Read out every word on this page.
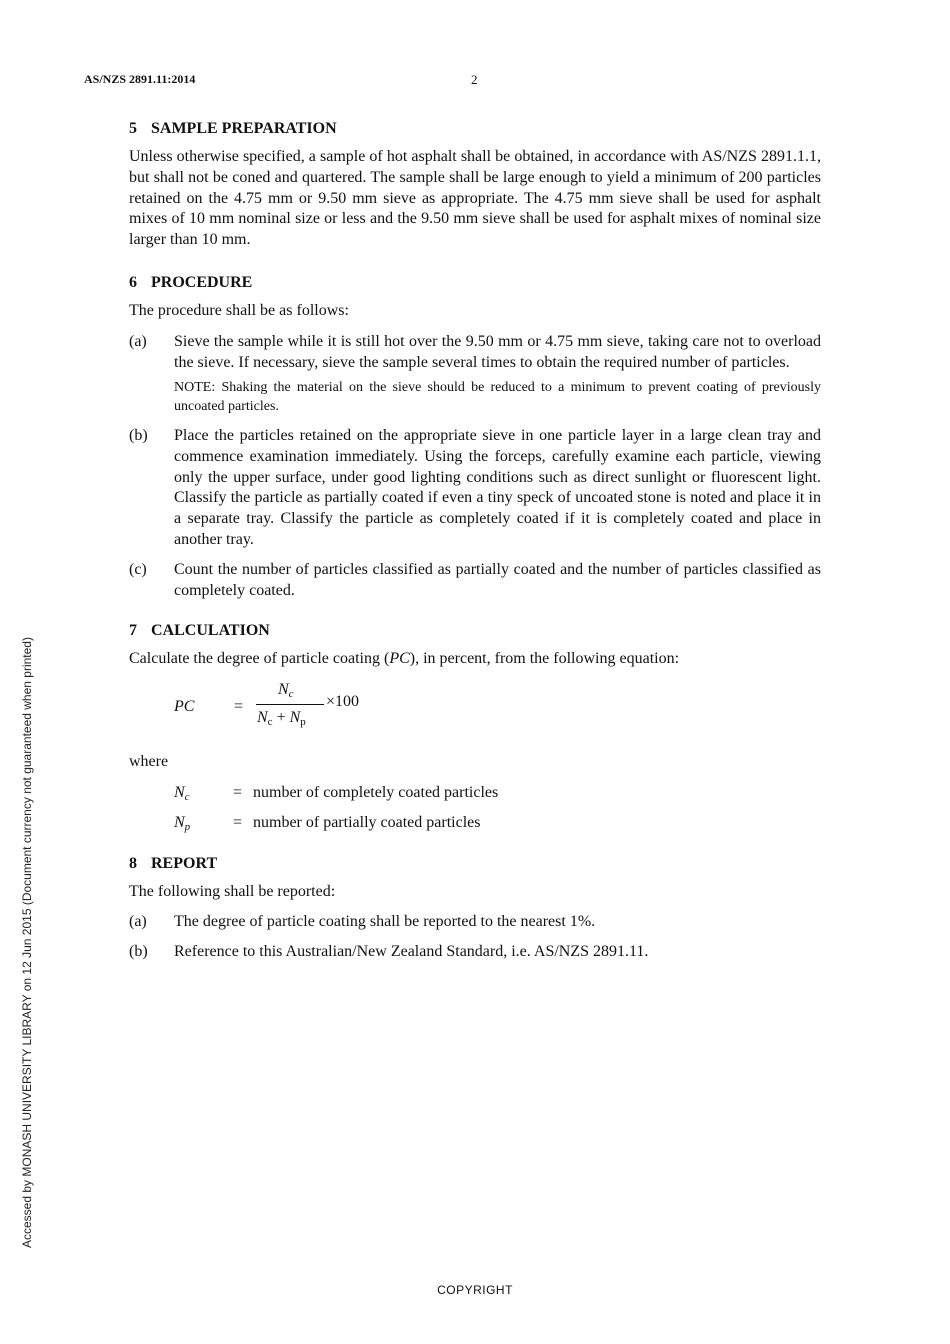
AS/NZS 2891.11:2014	2
5 SAMPLE PREPARATION

Unless otherwise specified, a sample of hot asphalt shall be obtained, in accordance with AS/NZS 2891.1.1, but shall not be coned and quartered. The sample shall be large enough to yield a minimum of 200 particles retained on the 4.75 mm or 9.50 mm sieve as appropriate. The 4.75 mm sieve shall be used for asphalt mixes of 10 mm nominal size or less and the 9.50 mm sieve shall be used for asphalt mixes of nominal size larger than 10 mm.

6 PROCEDURE

The procedure shall be as follows:

(a)	Sieve the sample while it is still hot over the 9.50 mm or 4.75 mm sieve, taking care not to overload the sieve. If necessary, sieve the sample several times to obtain the required number of particles.

NOTE: Shaking the material on the sieve should be reduced to a minimum to prevent coating of previously uncoated particles.

(b)	Place the particles retained on the appropriate sieve in one particle layer in a large clean tray and commence examination immediately. Using the forceps, carefully examine each particle, viewing only the upper surface, under good lighting conditions such as direct sunlight or fluorescent light. Classify the particle as partially coated if even a tiny speck of uncoated stone is noted and place it in a separate tray. Classify the particle as completely coated if it is completely coated and place in another tray.

(c)	Count the number of particles classified as partially coated and the number of particles classified as completely coated.

7 CALCULATION

Calculate the degree of particle coating (PC), in percent, from the following equation:

PC =
$N_c$
$N_c + N_p$
×100

where

$N_c$	= number of completely coated particles
$N_p$	= number of partially coated particles
8 REPORT

The following shall be reported:

(a)	The degree of particle coating shall be reported to the nearest 1%.
(b)	Reference to this Australian/New Zealand Standard, i.e. AS/NZS 2891.11.
Accessed by MONASH UNIVERSITY LIBRARY on 12 Jun 2015 (Document currency not guaranteed when printed)
COPYRIGHT
